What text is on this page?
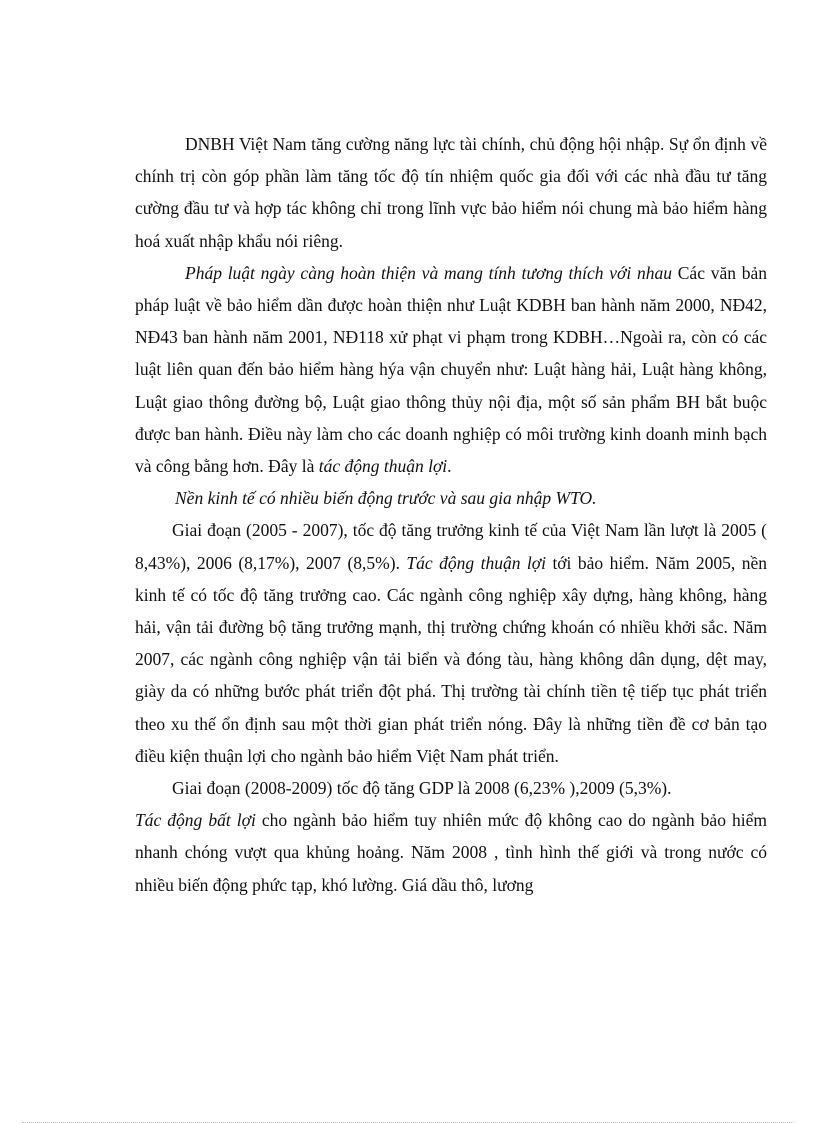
DNBH Việt Nam tăng cường năng lực tài chính, chủ động hội nhập. Sự ổn định về chính trị còn góp phần làm tăng tốc độ tín nhiệm quốc gia đối với các nhà đầu tư tăng cường đầu tư và hợp tác không chỉ trong lĩnh vực bảo hiểm nói chung mà bảo hiểm hàng hoá xuất nhập khẩu nói riêng.

Pháp luật ngày càng hoàn thiện và mang tính tương thích với nhau Các văn bản pháp luật về bảo hiểm dần được hoàn thiện như Luật KDBH ban hành năm 2000, NĐ42, NĐ43 ban hành năm 2001, NĐ118 xử phạt vi phạm trong KDBH…Ngoài ra, còn có các luật liên quan đến bảo hiểm hàng hýa vận chuyển như: Luật hàng hải, Luật hàng không, Luật giao thông đường bộ, Luật giao thông thủy nội địa, một số sản phẩm BH bắt buộc được ban hành. Điều này làm cho các doanh nghiệp có môi trường kinh doanh minh bạch và công bằng hơn. Đây là tác động thuận lợi.

Nền kinh tế có nhiều biến động trước và sau gia nhập WTO.

Giai đoạn (2005 - 2007), tốc độ tăng trưởng kinh tế của Việt Nam lần lượt là 2005 ( 8,43%), 2006 (8,17%), 2007 (8,5%). Tác động thuận lợi tới bảo hiểm. Năm 2005, nền kinh tế có tốc độ tăng trưởng cao. Các ngành công nghiệp xây dựng, hàng không, hàng hải, vận tải đường bộ tăng trưởng mạnh, thị trường chứng khoán có nhiều khởi sắc. Năm 2007, các ngành công nghiệp vận tải biển và đóng tàu, hàng không dân dụng, dệt may, giày da có những bước phát triển đột phá. Thị trường tài chính tiền tệ tiếp tục phát triển theo xu thế ổn định sau một thời gian phát triển nóng. Đây là những tiền đề cơ bản tạo điều kiện thuận lợi cho ngành bảo hiểm Việt Nam phát triển.

Giai đoạn (2008-2009) tốc độ tăng GDP là 2008 (6,23% ),2009 (5,3%).

Tác động bất lợi cho ngành bảo hiểm tuy nhiên mức độ không cao do ngành bảo hiểm nhanh chóng vượt qua khủng hoảng. Năm 2008 , tình hình thế giới và trong nước có nhiều biến động phức tạp, khó lường. Giá dầu thô, lương
